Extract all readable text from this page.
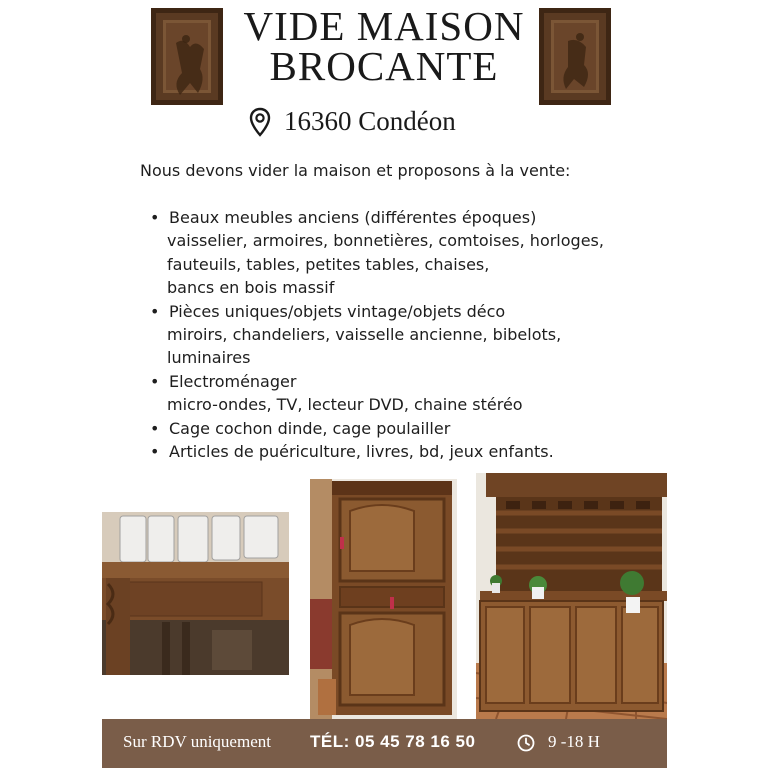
VIDE MAISON
BROCANTE
16360 Condéon
Nous devons vider la maison et proposons à la vente:
• Beaux meubles anciens (différentes époques)
vaisselier, armoires, bonnetières, comtoises, horloges,
fauteuils, tables, petites tables, chaises,
bancs en bois massif
• Pièces uniques/objets vintage/objets déco
miroirs, chandeliers, vaisselle ancienne, bibelots,
luminaires
• Electroménager
micro-ondes, TV, lecteur DVD, chaine stéréo
• Cage cochon dinde, cage poulailler
• Articles de puériculture, livres, bd, jeux enfants.
Sur RDV uniquement TÉL: 05 45 78 16 50	9 -18 H
